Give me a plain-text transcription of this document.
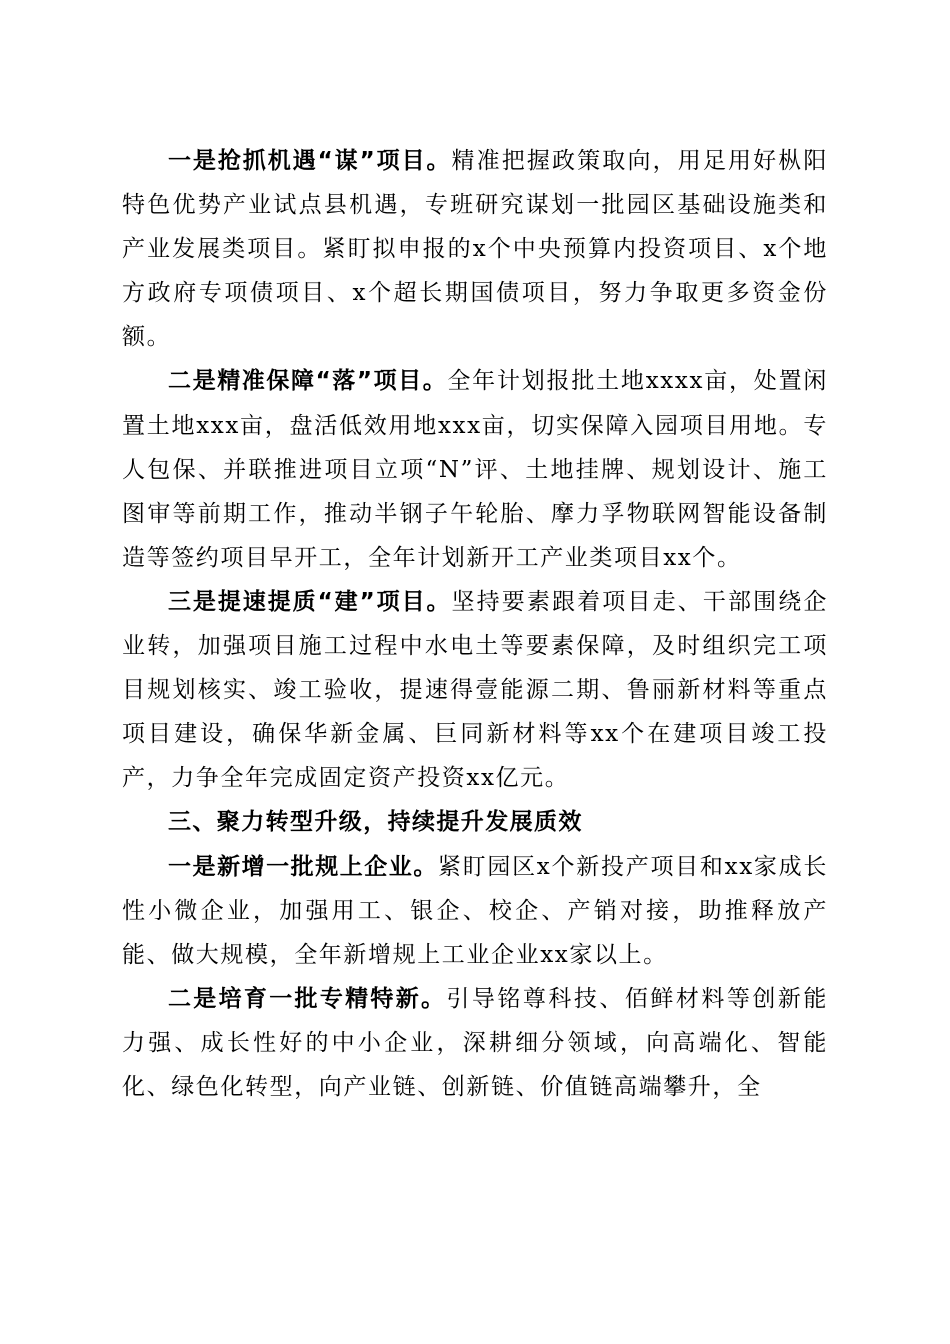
一是抢抓机遇“谋”项目。精准把握政策取向，用足用好枞阳特色优势产业试点县机遇，专班研究谋划一批园区基础设施类和产业发展类项目。紧盯拟申报的x个中央预算内投资项目、x个地方政府专项债项目、x个超长期国债项目，努力争取更多资金份额。

二是精准保障“落”项目。全年计划报批土地xxxx亩，处置闲置土地xxx亩，盘活低效用地xxx亩，切实保障入园项目用地。专人包保、并联推进项目立项“N”评、土地挂牌、规划设计、施工图审等前期工作，推动半钢子午轮胎、摩力孚物联网智能设备制造等签约项目早开工，全年计划新开工产业类项目xx个。

三是提速提质“建”项目。坚持要素跟着项目走、干部围绕企业转，加强项目施工过程中水电土等要素保障，及时组织完工项目规划核实、竣工验收，提速得壹能源二期、鲁丽新材料等重点项目建设，确保华新金属、巨同新材料等xx个在建项目竣工投产，力争全年完成固定资产投资xx亿元。

三、聚力转型升级，持续提升发展质效

一是新增一批规上企业。紧盯园区x个新投产项目和xx家成长性小微企业，加强用工、银企、校企、产销对接，助推释放产能、做大规模，全年新增规上工业企业xx家以上。

二是培育一批专精特新。引导铭尊科技、佰鲜材料等创新能力强、成长性好的中小企业，深耕细分领域，向高端化、智能化、绿色化转型，向产业链、创新链、价值链高端攀升，全
